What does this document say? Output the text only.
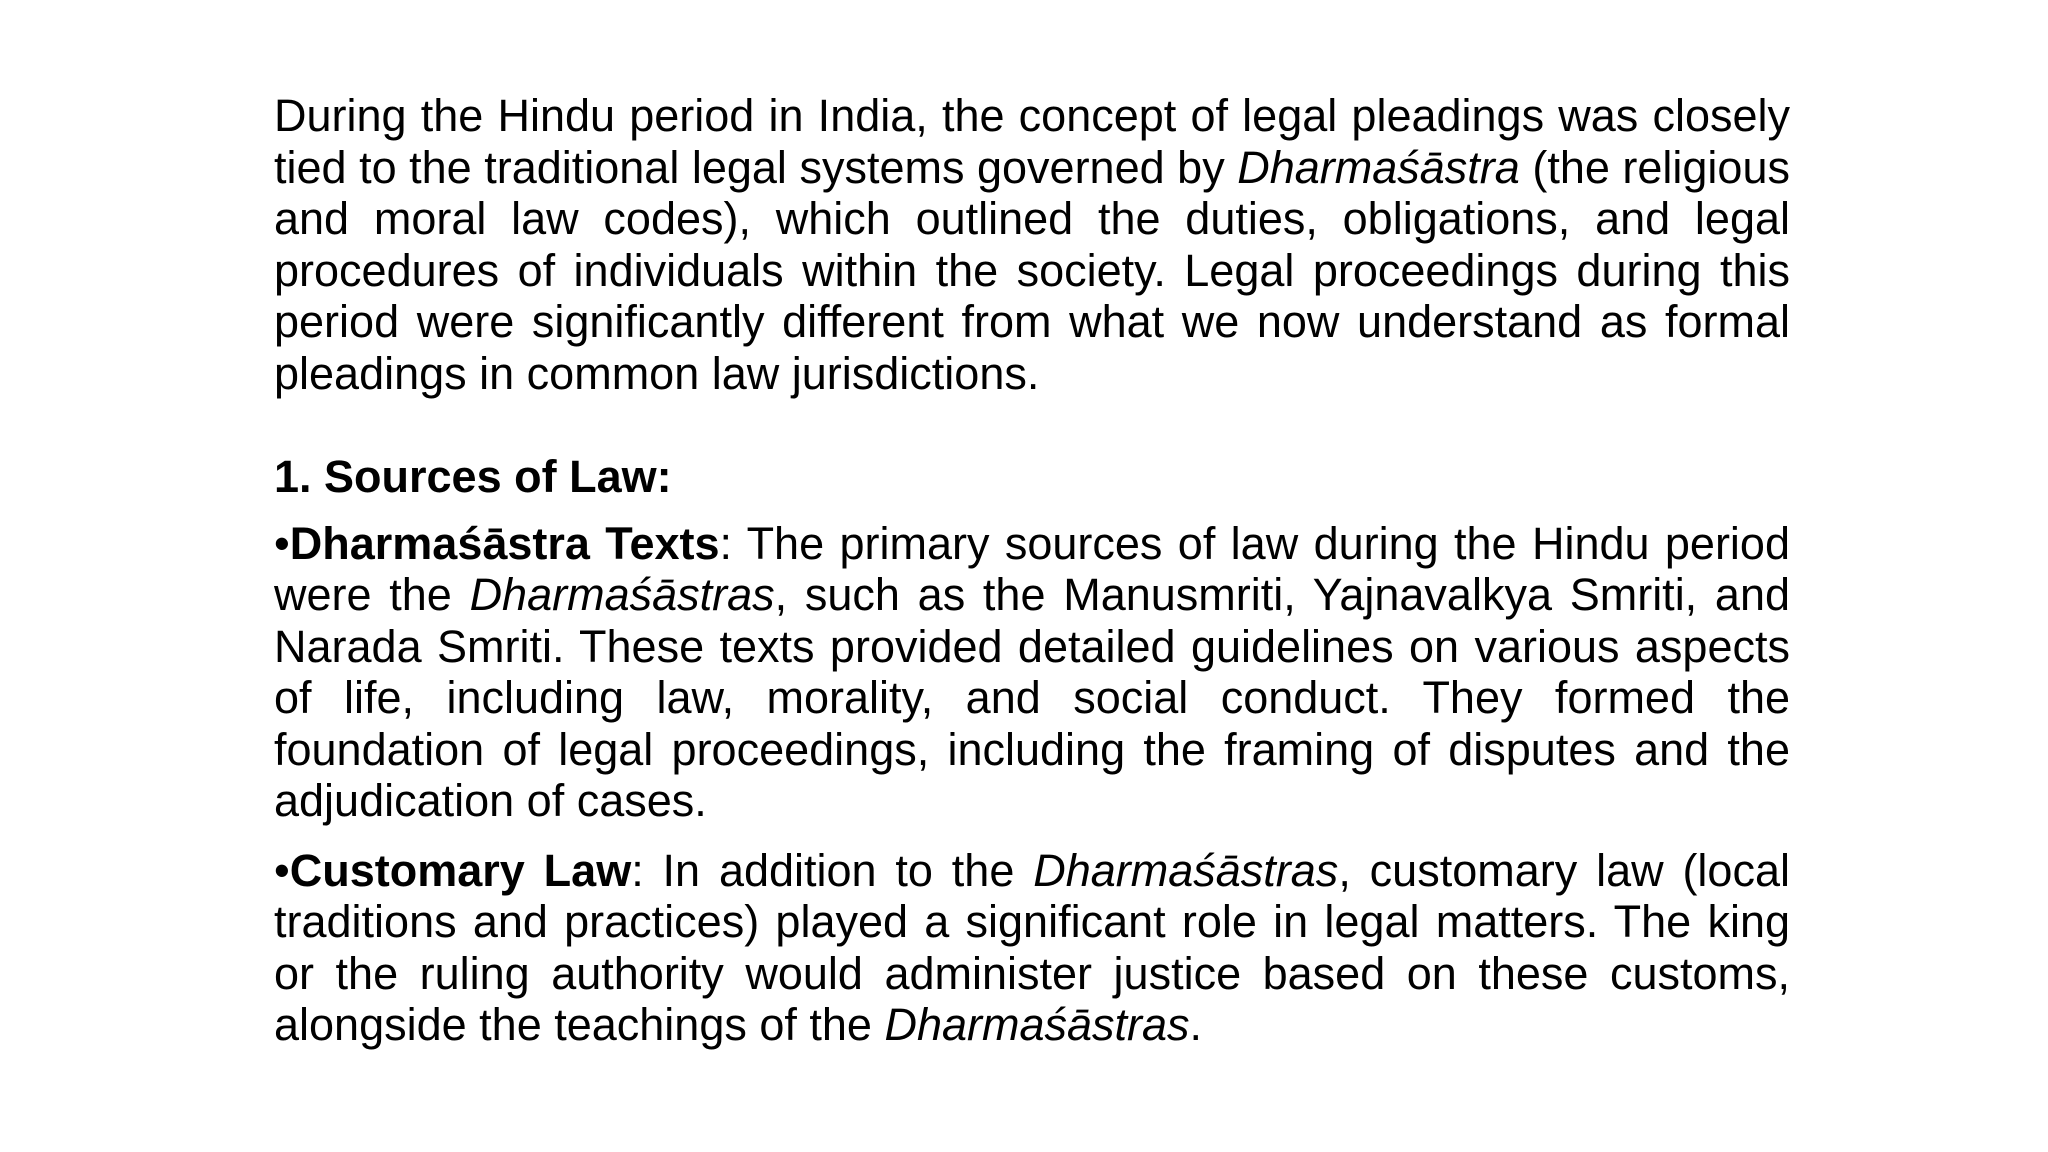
During the Hindu period in India, the concept of legal pleadings was closely tied to the traditional legal systems governed by Dharmaśāstra (the religious and moral law codes), which outlined the duties, obligations, and legal procedures of individuals within the society. Legal proceedings during this period were significantly different from what we now understand as formal pleadings in common law jurisdictions.

1. Sources of Law:

•Dharmaśāstra Texts: The primary sources of law during the Hindu period were the Dharmaśāstras, such as the Manusmriti, Yajnavalkya Smriti, and Narada Smriti. These texts provided detailed guidelines on various aspects of life, including law, morality, and social conduct. They formed the foundation of legal proceedings, including the framing of disputes and the adjudication of cases.

•Customary Law: In addition to the Dharmaśāstras, customary law (local traditions and practices) played a significant role in legal matters. The king or the ruling authority would administer justice based on these customs, alongside the teachings of the Dharmaśāstras.
